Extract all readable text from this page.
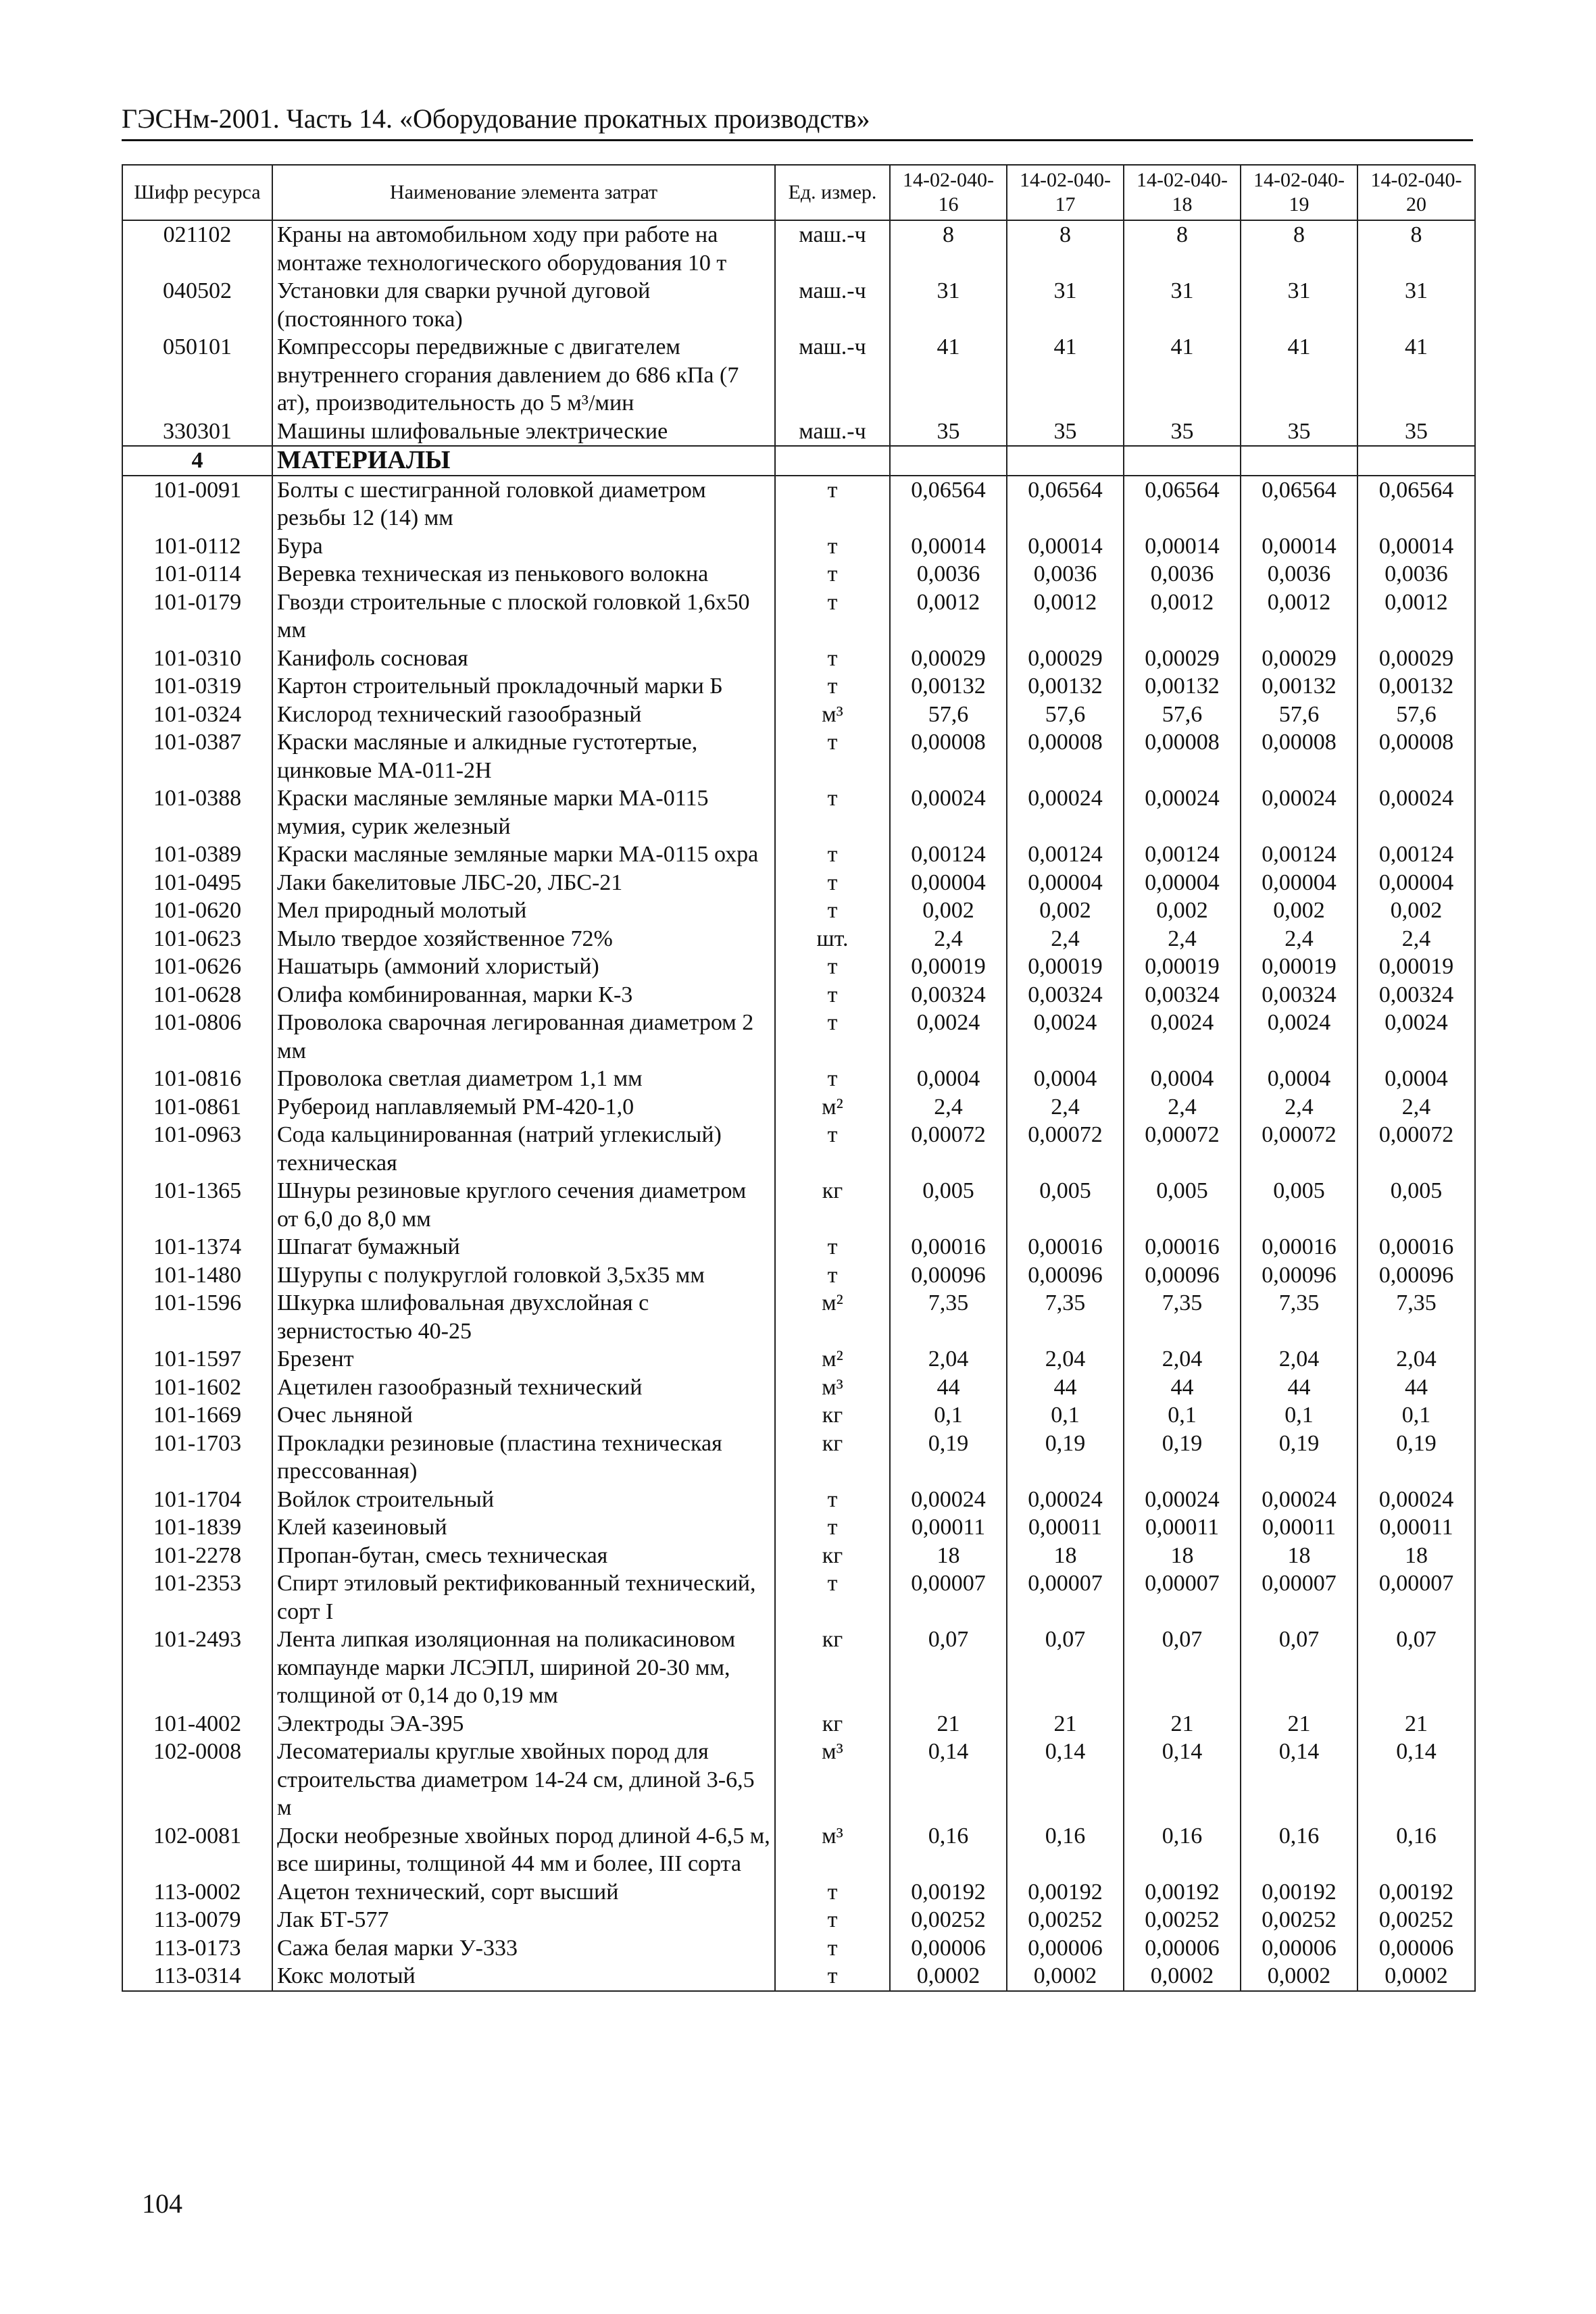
ГЭСНм-2001. Часть 14. «Оборудование прокатных производств»
Шифр ресурса	Наименование элемента затрат	Ед. измер.	14-02-040-16	14-02-040-17	14-02-040-18	14-02-040-19	14-02-040-20
021102	Краны на автомобильном ходу при работе на монтаже технологического оборудования 10 т	маш.-ч	8	8	8	8	8
040502	Установки для сварки ручной дуговой (постоянного тока)	маш.-ч	31	31	31	31	31
050101	Компрессоры передвижные с двигателем внутреннего сгорания давлением до 686 кПа (7 ат), производительность до 5 м³/мин	маш.-ч	41	41	41	41	41
330301	Машины шлифовальные электрические	маш.-ч	35	35	35	35	35
4	МАТЕРИАЛЫ						
101-0091	Болты с шестигранной головкой диаметром резьбы 12 (14) мм	т	0,06564	0,06564	0,06564	0,06564	0,06564
101-0112	Бура	т	0,00014	0,00014	0,00014	0,00014	0,00014
101-0114	Веревка техническая из пенькового волокна	т	0,0036	0,0036	0,0036	0,0036	0,0036
101-0179	Гвозди строительные с плоской головкой 1,6x50 мм	т	0,0012	0,0012	0,0012	0,0012	0,0012
101-0310	Канифоль сосновая	т	0,00029	0,00029	0,00029	0,00029	0,00029
101-0319	Картон строительный прокладочный марки Б	т	0,00132	0,00132	0,00132	0,00132	0,00132
101-0324	Кислород технический газообразный	м³	57,6	57,6	57,6	57,6	57,6
101-0387	Краски масляные и алкидные густотертые, цинковые МА-011-2Н	т	0,00008	0,00008	0,00008	0,00008	0,00008
101-0388	Краски масляные земляные марки МА-0115 мумия, сурик железный	т	0,00024	0,00024	0,00024	0,00024	0,00024
101-0389	Краски масляные земляные марки МА-0115 охра	т	0,00124	0,00124	0,00124	0,00124	0,00124
101-0495	Лаки бакелитовые ЛБС-20, ЛБС-21	т	0,00004	0,00004	0,00004	0,00004	0,00004
101-0620	Мел природный молотый	т	0,002	0,002	0,002	0,002	0,002
101-0623	Мыло твердое хозяйственное 72%	шт.	2,4	2,4	2,4	2,4	2,4
101-0626	Нашатырь (аммоний хлористый)	т	0,00019	0,00019	0,00019	0,00019	0,00019
101-0628	Олифа комбинированная, марки К-3	т	0,00324	0,00324	0,00324	0,00324	0,00324
101-0806	Проволока сварочная легированная диаметром 2 мм	т	0,0024	0,0024	0,0024	0,0024	0,0024
101-0816	Проволока светлая диаметром 1,1 мм	т	0,0004	0,0004	0,0004	0,0004	0,0004
101-0861	Рубероид наплавляемый РМ-420-1,0	м²	2,4	2,4	2,4	2,4	2,4
101-0963	Сода кальцинированная (натрий углекислый) техническая	т	0,00072	0,00072	0,00072	0,00072	0,00072
101-1365	Шнуры резиновые круглого сечения диаметром от 6,0 до 8,0 мм	кг	0,005	0,005	0,005	0,005	0,005
101-1374	Шпагат бумажный	т	0,00016	0,00016	0,00016	0,00016	0,00016
101-1480	Шурупы с полукруглой головкой 3,5x35 мм	т	0,00096	0,00096	0,00096	0,00096	0,00096
101-1596	Шкурка шлифовальная двухслойная с зернистостью 40-25	м²	7,35	7,35	7,35	7,35	7,35
101-1597	Брезент	м²	2,04	2,04	2,04	2,04	2,04
101-1602	Ацетилен газообразный технический	м³	44	44	44	44	44
101-1669	Очес льняной	кг	0,1	0,1	0,1	0,1	0,1
101-1703	Прокладки резиновые (пластина техническая прессованная)	кг	0,19	0,19	0,19	0,19	0,19
101-1704	Войлок строительный	т	0,00024	0,00024	0,00024	0,00024	0,00024
101-1839	Клей казеиновый	т	0,00011	0,00011	0,00011	0,00011	0,00011
101-2278	Пропан-бутан, смесь техническая	кг	18	18	18	18	18
101-2353	Спирт этиловый ректификованный технический, сорт I	т	0,00007	0,00007	0,00007	0,00007	0,00007
101-2493	Лента липкая изоляционная на поликасиновом компаунде марки ЛСЭПЛ, шириной 20-30 мм, толщиной от 0,14 до 0,19 мм	кг	0,07	0,07	0,07	0,07	0,07
101-4002	Электроды ЭА-395	кг	21	21	21	21	21
102-0008	Лесоматериалы круглые хвойных пород для строительства диаметром 14-24 см, длиной 3-6,5 м	м³	0,14	0,14	0,14	0,14	0,14
102-0081	Доски необрезные хвойных пород длиной 4-6,5 м, все ширины, толщиной 44 мм и более, III сорта	м³	0,16	0,16	0,16	0,16	0,16
113-0002	Ацетон технический, сорт высший	т	0,00192	0,00192	0,00192	0,00192	0,00192
113-0079	Лак БТ-577	т	0,00252	0,00252	0,00252	0,00252	0,00252
113-0173	Сажа белая марки У-333	т	0,00006	0,00006	0,00006	0,00006	0,00006
113-0314	Кокс молотый	т	0,0002	0,0002	0,0002	0,0002	0,0002
104
